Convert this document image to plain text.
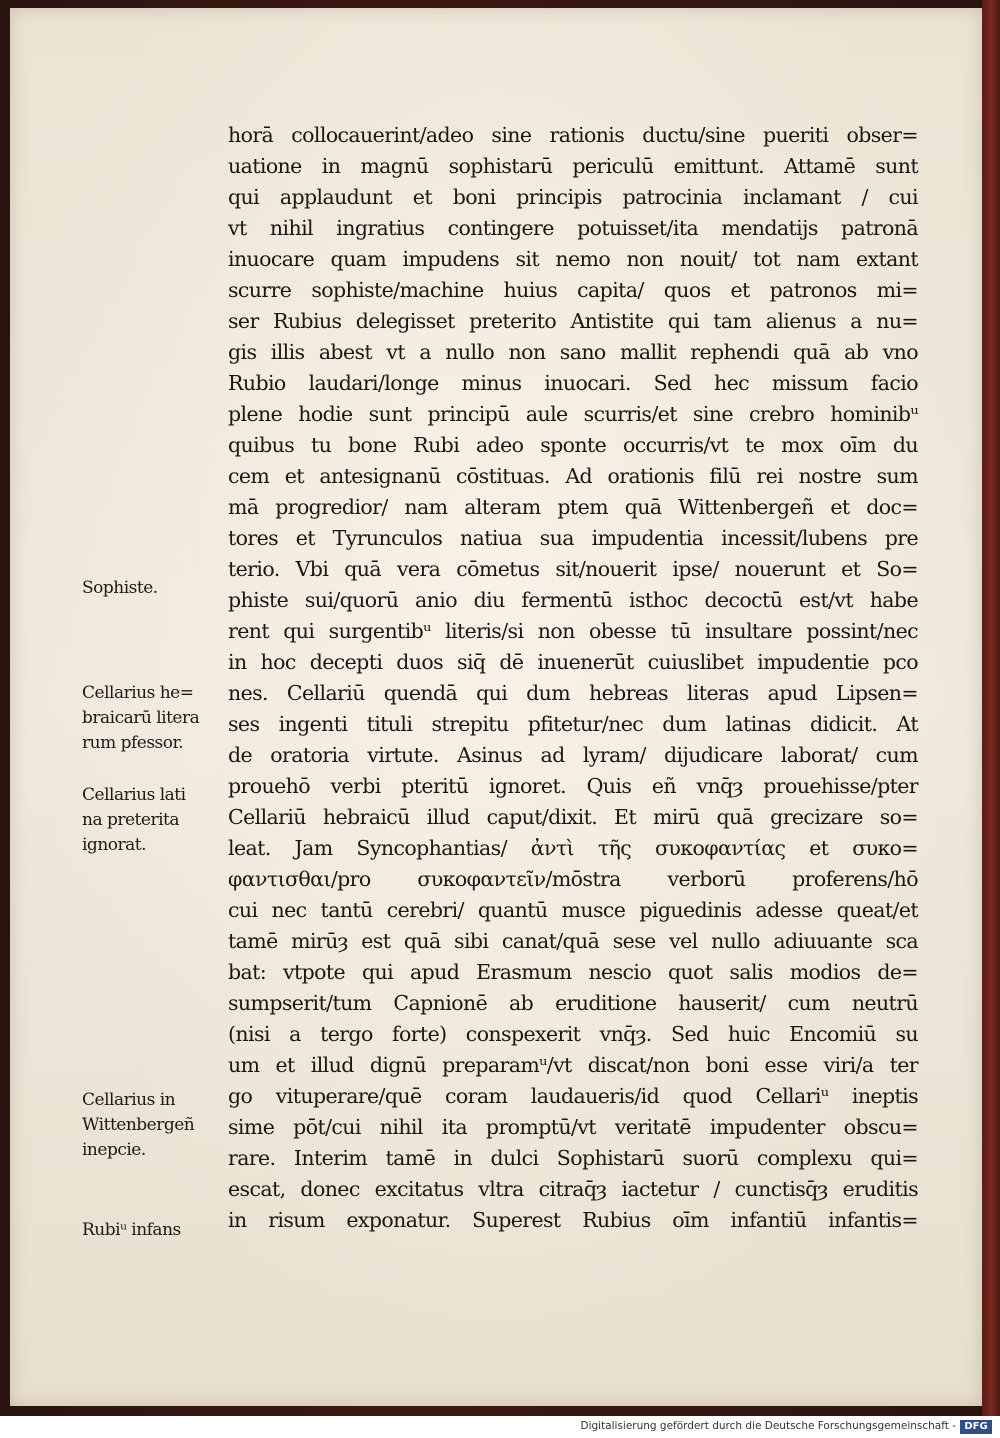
horā collocauerint/adeo sine rationis ductu/sine pueriti obser=
uatione in magnū sophistarū periculū emittunt. Attamē sunt
qui applaudunt et boni principis patrocinia inclamant / cui
vt nihil ingratius contingere potuisset/ita mendatijs patronā
inuocare quam impudens sit nemo non nouit/ tot nam extant
scurre sophiste/machine huius capita/ quos et patronos mi=
ser Rubius delegisset preterito Antistite qui tam alienus a nu=
gis illis abest vt a nullo non sano mallit rephendi quā ab vno
Rubio laudari/longe minus inuocari. Sed hec missum facio
plene hodie sunt principū aule scurris/et sine crebro hominibᵘ
quibus tu bone Rubi adeo sponte occurris/vt te mox oīm du
cem et antesignanū cōstituas. Ad orationis filū rei nostre sum
mā progredior/ nam alteram ptem quā Wittenbergeñ et doc=
tores et Tyrunculos natiua sua impudentia incessit/lubens pre
terio. Vbi quā vera cōmetus sit/nouerit ipse/ nouerunt et So=
phiste sui/quorū anio diu fermentū isthoc decoctū est/vt habe
rent qui surgentibᵘ literis/si non obesse tū insultare possint/nec
in hoc decepti duos siq̄ dē inuenerūt cuiuslibet impudentie pco
nes. Cellariū quendā qui dum hebreas literas apud Lipsen=
ses ingenti tituli strepitu pfitetur/nec dum latinas didicit. At
de oratoria virtute. Asinus ad lyram/ dijudicare laborat/ cum
prouehō verbi pteritū ignoret. Quis eñ vnq̄ȝ prouehisse/pter
Cellariū hebraicū illud caput/dixit. Et mirū quā grecizare so=
leat. Jam Syncophantias/ ἀντὶ τῆς συκοφαντίας et συκο=
φαντισθαι/pro συκοφαντεῖν/mōstra verborū proferens/hō
cui nec tantū cerebri/ quantū musce piguedinis adesse queat/et
tamē mirūȝ est quā sibi canat/quā sese vel nullo adiuuante sca
bat: vtpote qui apud Erasmum nescio quot salis modios de=
sumpserit/tum Capnionē ab eruditione hauserit/ cum neutrū
(nisi a tergo forte) conspexerit vnq̄ȝ. Sed huic Encomiū su
um et illud dignū preparamᵘ/vt discat/non boni esse viri/a ter
go vituperare/quē coram laudaueris/id quod Cellariᵘ ineptis
sime pōt/cui nihil ita promptū/vt veritatē impudenter obscu=
rare. Interim tamē in dulci Sophistarū suorū complexu qui=
escat, donec excitatus vltra citraq̄ȝ iactetur / cunctisq̄ȝ eruditis
in risum exponatur. Superest Rubius oīm infantiū infantis=
Sophiste.
Cellarius he=
braicarū litera
rum pfessor.
Cellarius lati
na preterita
ignorat.
Cellarius in
Wittenbergeñ
inepcie.
Rubiᵘ infans
Digitalisierung gefördert durch die Deutsche Forschungsgemeinschaft - DFG
